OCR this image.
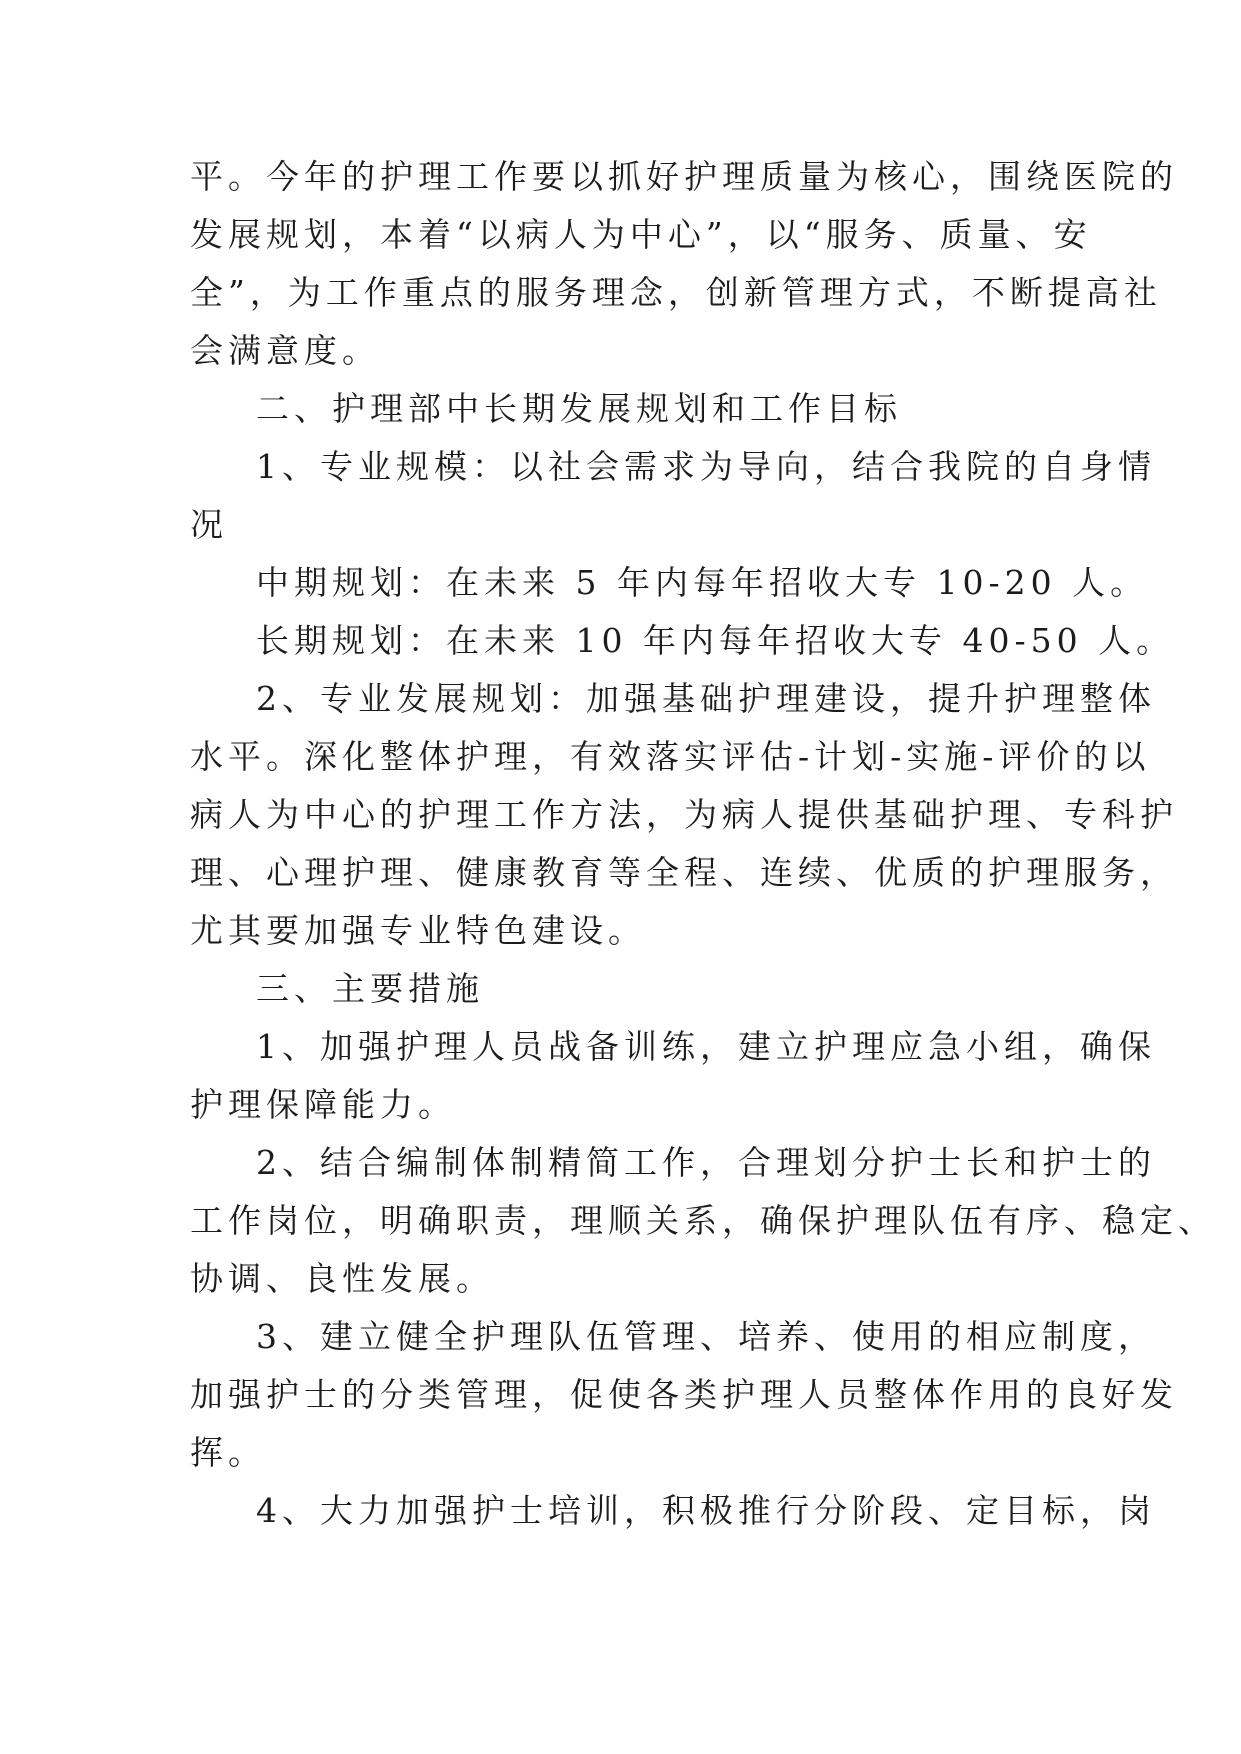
平。今年的护理工作要以抓好护理质量为核心，围绕医院的
发展规划，本着“以病人为中心”，以“服务、质量、安
全”，为工作重点的服务理念，创新管理方式，不断提高社
会满意度。
二、护理部中长期发展规划和工作目标
1、专业规模：以社会需求为导向，结合我院的自身情
况
中期规划：在未来 5 年内每年招收大专 10-20 人。
长期规划：在未来 10 年内每年招收大专 40-50 人。
2、专业发展规划：加强基础护理建设，提升护理整体
水平。深化整体护理，有效落实评估-计划-实施-评价的以
病人为中心的护理工作方法，为病人提供基础护理、专科护
理、心理护理、健康教育等全程、连续、优质的护理服务，
尤其要加强专业特色建设。
三、主要措施
1、加强护理人员战备训练，建立护理应急小组，确保
护理保障能力。
2、结合编制体制精简工作，合理划分护士长和护士的
工作岗位，明确职责，理顺关系，确保护理队伍有序、稳定、
协调、良性发展。
3、建立健全护理队伍管理、培养、使用的相应制度，
加强护士的分类管理，促使各类护理人员整体作用的良好发
挥。
4、大力加强护士培训，积极推行分阶段、定目标，岗
